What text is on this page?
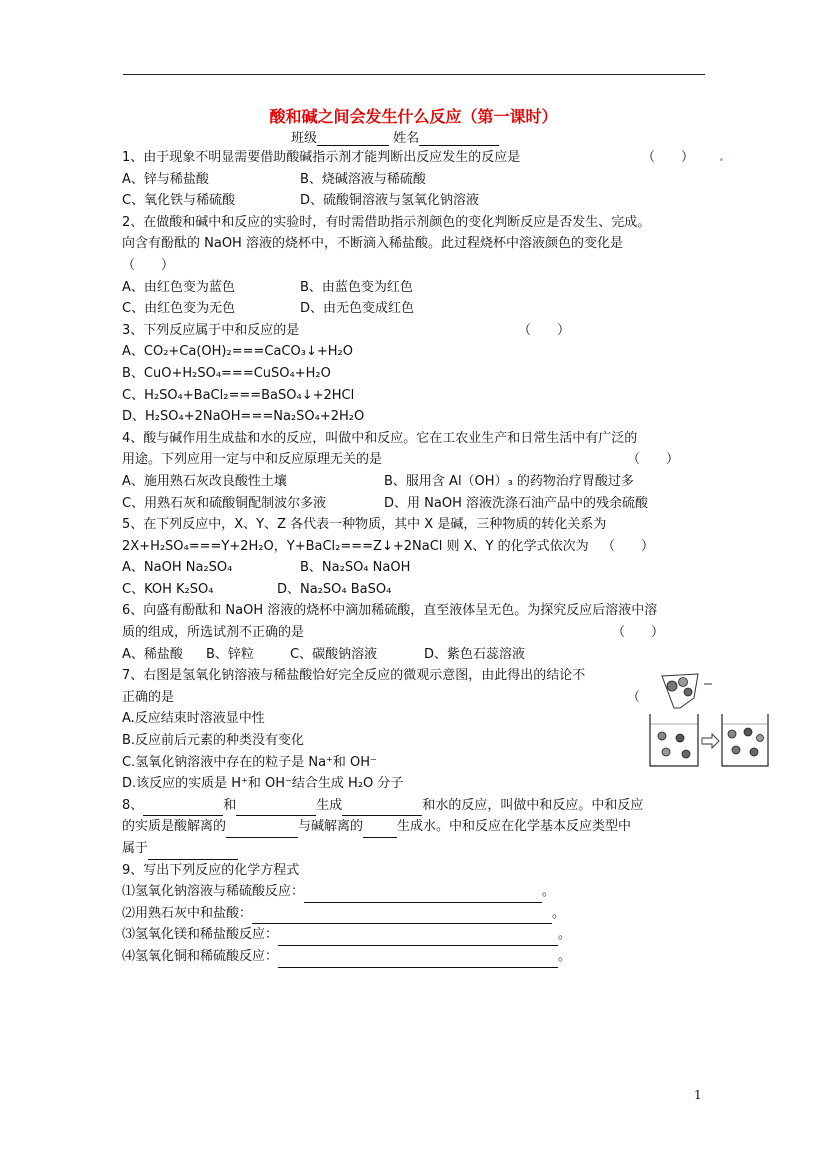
酸和碱之间会发生什么反应（第一课时）
班级	姓名
1、由于现象不明显需要借助酸碱指示剂才能判断出反应发生的反应是	（　　）
A、锌与稀盐酸	B、烧碱溶液与稀硫酸
C、氧化铁与稀硫酸	D、硫酸铜溶液与氢氧化钠溶液
2、在做酸和碱中和反应的实验时，有时需借助指示剂颜色的变化判断反应是否发生、完成。
向含有酚酞的 NaOH 溶液的烧杯中，不断滴入稀盐酸。此过程烧杯中溶液颜色的变化是
（　　）
A、由红色变为蓝色	B、由蓝色变为红色
C、由红色变为无色	D、由无色变成红色
3、下列反应属于中和反应的是	（　　）
A、CO₂+Ca(OH)₂===CaCO₃↓+H₂O
B、CuO+H₂SO₄===CuSO₄+H₂O
C、H₂SO₄+BaCl₂===BaSO₄↓+2HCl
D、H₂SO₄+2NaOH===Na₂SO₄+2H₂O
4、酸与碱作用生成盐和水的反应，叫做中和反应。它在工农业生产和日常生活中有广泛的
用途。下列应用一定与中和反应原理无关的是	（　　）
A、施用熟石灰改良酸性土壤	B、服用含 Al（OH）₃ 的药物治疗胃酸过多
C、用熟石灰和硫酸铜配制波尔多液	D、用 NaOH 溶液洗涤石油产品中的残余硫酸
5、在下列反应中，X、Y、Z 各代表一种物质，其中 X 是碱，三种物质的转化关系为
2X+H₂SO₄===Y+2H₂O，Y+BaCl₂===Z↓+2NaCl 则 X、Y 的化学式依次为 （　　）
A、NaOH Na₂SO₄	B、Na₂SO₄ NaOH
C、KOH K₂SO₄	D、Na₂SO₄ BaSO₄
6、向盛有酚酞和 NaOH 溶液的烧杯中滴加稀硫酸，直至液体呈无色。为探究反应后溶液中溶
质的组成，所选试剂不正确的是	（　　）
A、稀盐酸 B、锌粒	C、碳酸钠溶液	D、紫色石蕊溶液
7、右图是氢氧化钠溶液与稀盐酸恰好完全反应的微观示意图，由此得出的结论不
正确的是	（
A.反应结束时溶液显中性
B.反应前后元素的种类没有变化
C.氢氧化钠溶液中存在的粒子是 Na⁺和 OH⁻
D.该反应的实质是 H⁺和 OH⁻结合生成 H₂O 分子
8、	和	生成	和水的反应，叫做中和反应。中和反应
的实质是酸解离的	与碱解离的	生成水。中和反应在化学基本反应类型中
属于
9、写出下列反应的化学方程式
⑴氢氧化钠溶液与稀硫酸反应：	。
⑵用熟石灰中和盐酸：	。
⑶氢氧化镁和稀盐酸反应：	。
⑷氢氧化铜和稀硫酸反应：	。
1
